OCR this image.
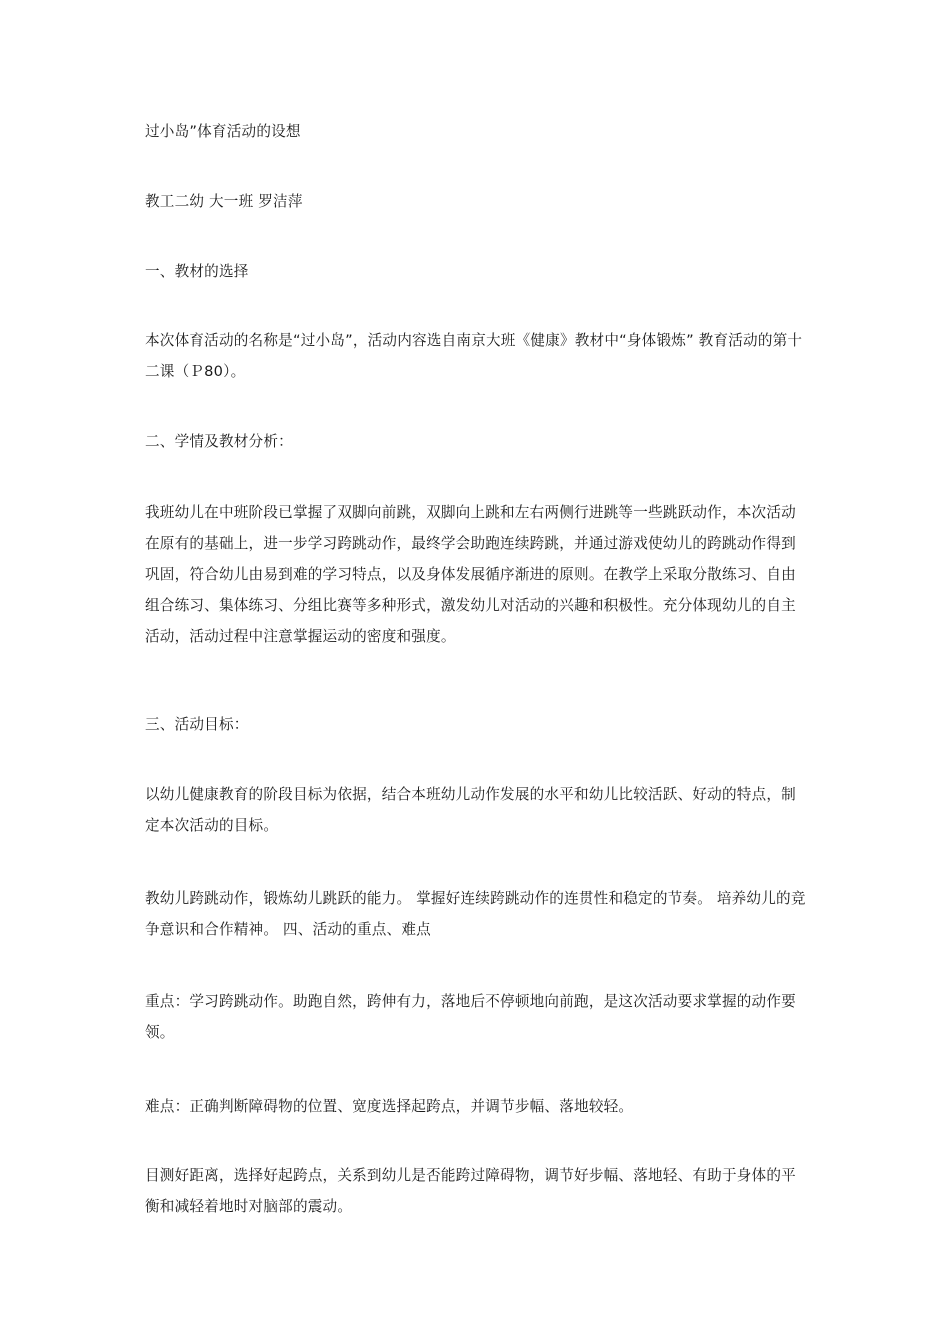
过小岛”体育活动的设想
教工二幼 大一班 罗洁萍
一、教材的选择
本次体育活动的名称是“过小岛”，活动内容选自南京大班《健康》教材中“身体锻炼” 教育活动的第十二课（Ｐ80）。
二、学情及教材分析：
我班幼儿在中班阶段已掌握了双脚向前跳，双脚向上跳和左右两侧行进跳等一些跳跃动作，本次活动在原有的基础上，进一步学习跨跳动作，最终学会助跑连续跨跳，并通过游戏使幼儿的跨跳动作得到巩固，符合幼儿由易到难的学习特点，以及身体发展循序渐进的原则。在教学上采取分散练习、自由组合练习、集体练习、分组比赛等多种形式，激发幼儿对活动的兴趣和积极性。充分体现幼儿的自主活动，活动过程中注意掌握运动的密度和强度。
三、活动目标：
以幼儿健康教育的阶段目标为依据，结合本班幼儿动作发展的水平和幼儿比较活跃、好动的特点，制定本次活动的目标。
教幼儿跨跳动作，锻炼幼儿跳跃的能力。 掌握好连续跨跳动作的连贯性和稳定的节奏。 培养幼儿的竞争意识和合作精神。 四、活动的重点、难点
重点：学习跨跳动作。助跑自然，跨伸有力，落地后不停顿地向前跑，是这次活动要求掌握的动作要领。
难点：正确判断障碍物的位置、宽度选择起跨点，并调节步幅、落地较轻。
目测好距离，选择好起跨点，关系到幼儿是否能跨过障碍物，调节好步幅、落地轻、有助于身体的平衡和减轻着地时对脑部的震动。
